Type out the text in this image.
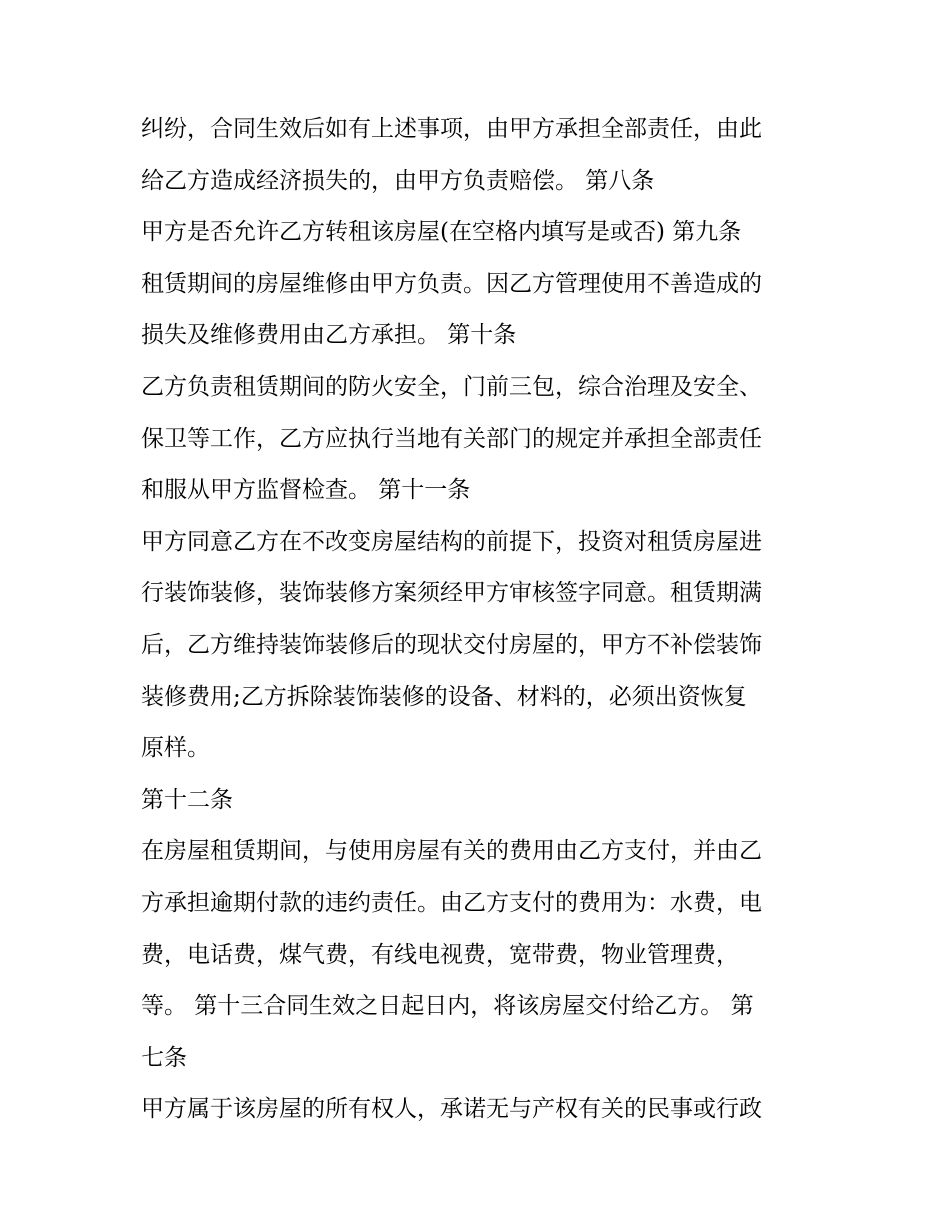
纠纷，合同生效后如有上述事项，由甲方承担全部责任，由此
给乙方造成经济损失的，由甲方负责赔偿。 第八条
甲方是否允许乙方转租该房屋(在空格内填写是或否) 第九条
租赁期间的房屋维修由甲方负责。因乙方管理使用不善造成的
损失及维修费用由乙方承担。 第十条
乙方负责租赁期间的防火安全，门前三包，综合治理及安全、
保卫等工作，乙方应执行当地有关部门的规定并承担全部责任
和服从甲方监督检查。 第十一条
甲方同意乙方在不改变房屋结构的前提下，投资对租赁房屋进
行装饰装修，装饰装修方案须经甲方审核签字同意。租赁期满
后，乙方维持装饰装修后的现状交付房屋的，甲方不补偿装饰
装修费用;乙方拆除装饰装修的设备、材料的，必须出资恢复
原样。
第十二条
在房屋租赁期间，与使用房屋有关的费用由乙方支付，并由乙
方承担逾期付款的违约责任。由乙方支付的费用为：水费，电
费，电话费，煤气费，有线电视费，宽带费，物业管理费，
等。 第十三合同生效之日起日内，将该房屋交付给乙方。 第
七条
甲方属于该房屋的所有权人，承诺无与产权有关的民事或行政
